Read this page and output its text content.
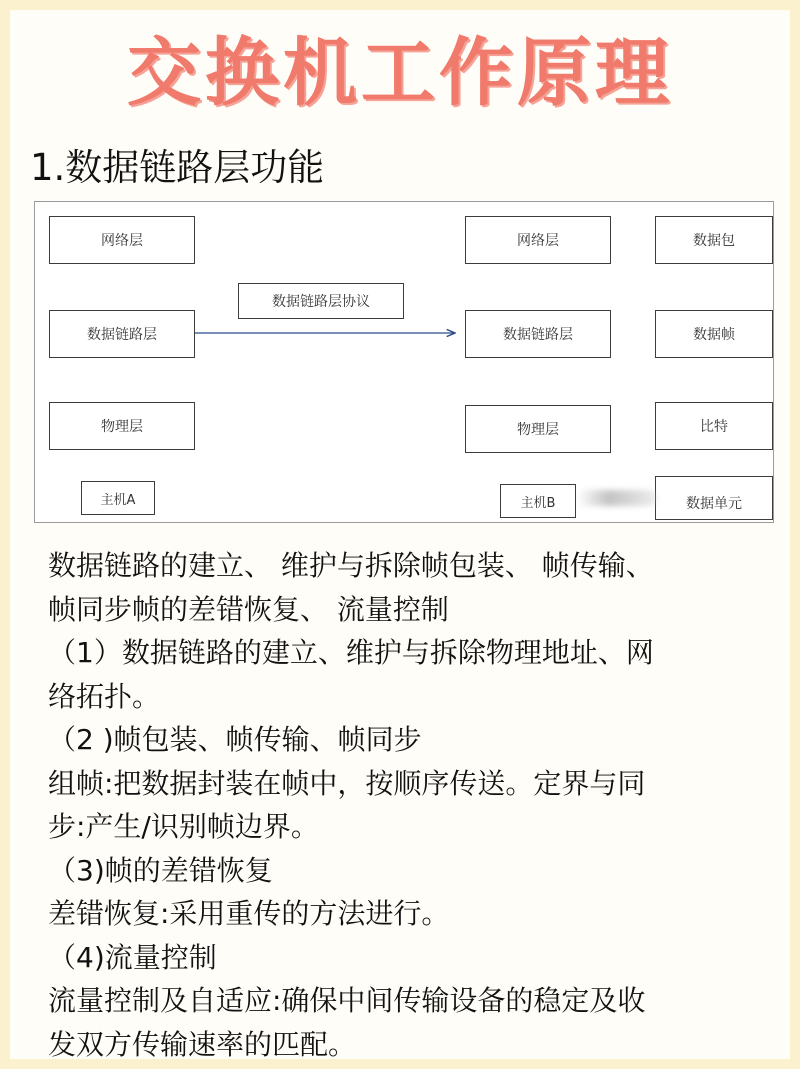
交换机工作原理
1.数据链路层功能
网络层
数据链路层
物理层
主机A
数据链路层协议
网络层
数据链路层
物理层
主机B
数据包
数据帧
比特
数据单元
数据链路的建立、 维护与拆除帧包装、 帧传输、
帧同步帧的差错恢复、 流量控制
（1）数据链路的建立、维护与拆除物理地址、网
络拓扑。
（2 )帧包装、帧传输、帧同步
组帧:把数据封装在帧中，按顺序传送。定界与同
步:产生/识别帧边界。
（3)帧的差错恢复
差错恢复:采用重传的方法进行。
（4)流量控制
流量控制及自适应:确保中间传输设备的稳定及收
发双方传输速率的匹配。
